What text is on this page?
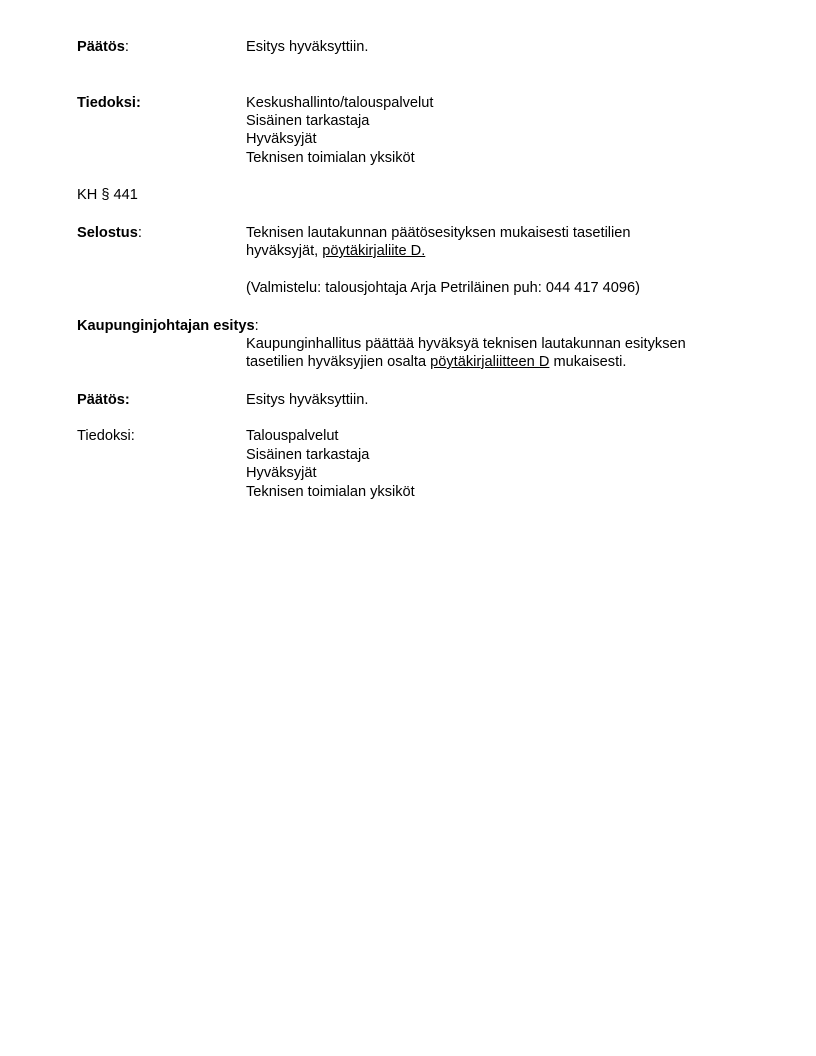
Päätös:	Esitys hyväksyttiin.
Tiedoksi:	Keskushallinto/talouspalvelut
Sisäinen tarkastaja
Hyväksyjät
Teknisen toimialan yksiköt
KH § 441
Selostus:	Teknisen lautakunnan päätösesityksen mukaisesti tasetilien
hyväksyjät, pöytäkirjaliite D.
(Valmistelu: talousjohtaja Arja Petriläinen puh: 044 417 4096)
Kaupunginjohtajan esitys:
Kaupunginhallitus päättää hyväksyä teknisen lautakunnan esityksen
tasetilien hyväksyjien osalta pöytäkirjaliitteen D mukaisesti.
Päätös:	Esitys hyväksyttiin.
Tiedoksi:	Talouspalvelut
Sisäinen tarkastaja
Hyväksyjät
Teknisen toimialan yksiköt
